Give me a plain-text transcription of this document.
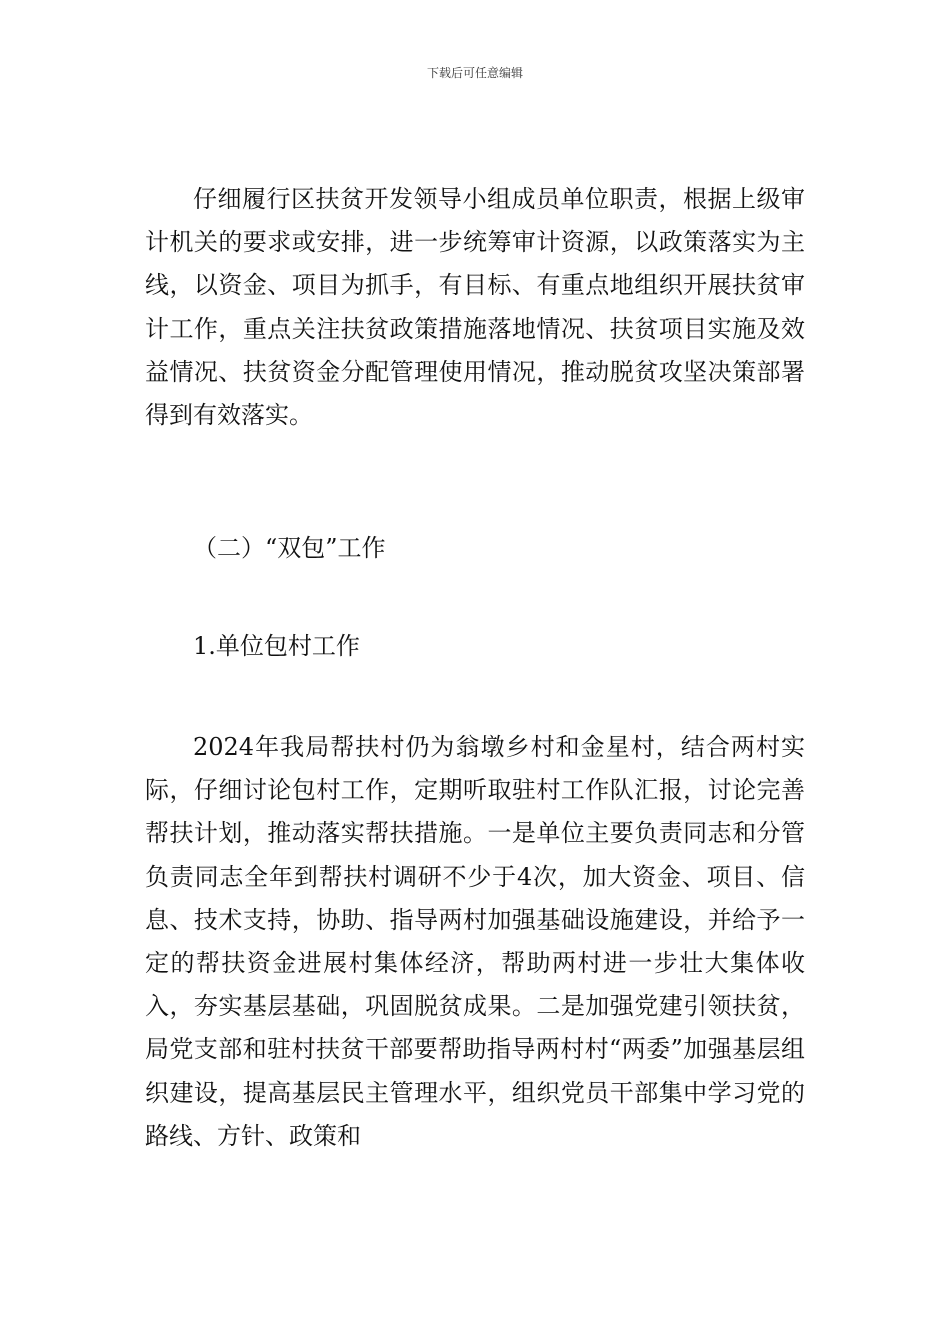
下载后可任意编辑

仔细履行区扶贫开发领导小组成员单位职责，根据上级审计机关的要求或安排，进一步统筹审计资源，以政策落实为主线，以资金、项目为抓手，有目标、有重点地组织开展扶贫审计工作，重点关注扶贫政策措施落地情况、扶贫项目实施及效益情况、扶贫资金分配管理使用情况，推动脱贫攻坚决策部署得到有效落实。

（二）“双包”工作

1.单位包村工作

2024年我局帮扶村仍为翁墩乡村和金星村，结合两村实际，仔细讨论包村工作，定期听取驻村工作队汇报，讨论完善帮扶计划，推动落实帮扶措施。一是单位主要负责同志和分管负责同志全年到帮扶村调研不少于4次，加大资金、项目、信息、技术支持，协助、指导两村加强基础设施建设，并给予一定的帮扶资金进展村集体经济，帮助两村进一步壮大集体收入，夯实基层基础，巩固脱贫成果。二是加强党建引领扶贫，局党支部和驻村扶贫干部要帮助指导两村村“两委”加强基层组织建设，提高基层民主管理水平，组织党员干部集中学习党的路线、方针、政策和
